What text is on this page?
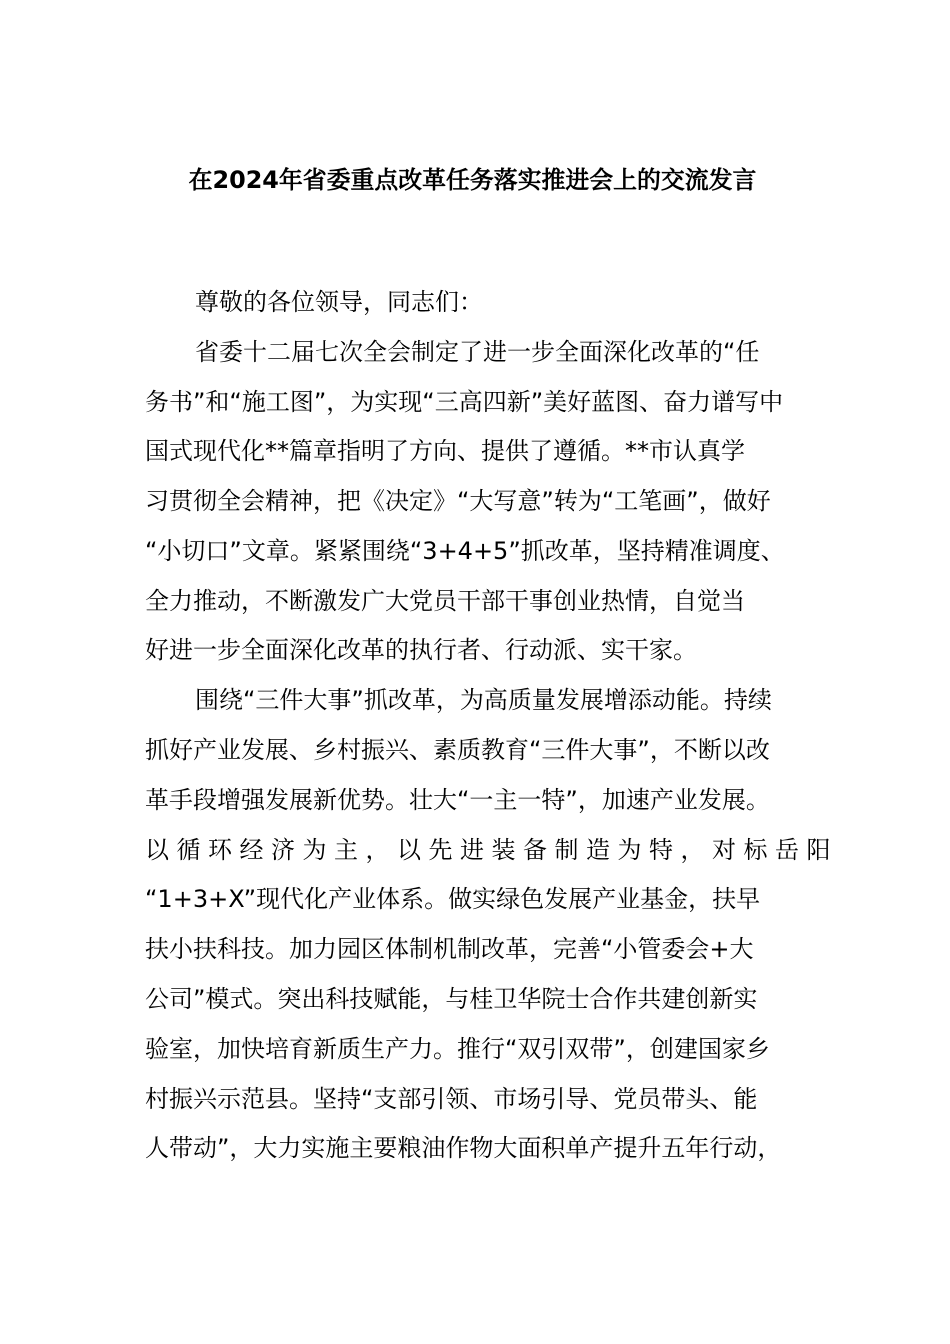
在2024年省委重点改革任务落实推进会上的交流发言
尊敬的各位领导，同志们：
省委十二届七次全会制定了进一步全面深化改革的“任
务书”和“施工图”，为实现“三高四新”美好蓝图、奋力谱写中
国式现代化**篇章指明了方向、提供了遵循。**市认真学
习贯彻全会精神，把《决定》“大写意”转为“工笔画”，做好
“小切口”文章。紧紧围绕“3+4+5”抓改革，坚持精准调度、
全力推动，不断激发广大党员干部干事创业热情，自觉当
好进一步全面深化改革的执行者、行动派、实干家。
围绕“三件大事”抓改革，为高质量发展增添动能。持续
抓好产业发展、乡村振兴、素质教育“三件大事”，不断以改
革手段增强发展新优势。壮大“一主一特”，加速产业发展。
以循环经济为主，以先进装备制造为特，对标岳阳
“1+3+X”现代化产业体系。做实绿色发展产业基金，扶早
扶小扶科技。加力园区体制机制改革，完善“小管委会+大
公司”模式。突出科技赋能，与桂卫华院士合作共建创新实
验室，加快培育新质生产力。推行“双引双带”，创建国家乡
村振兴示范县。坚持“支部引领、市场引导、党员带头、能
人带动”，大力实施主要粮油作物大面积单产提升五年行动，
